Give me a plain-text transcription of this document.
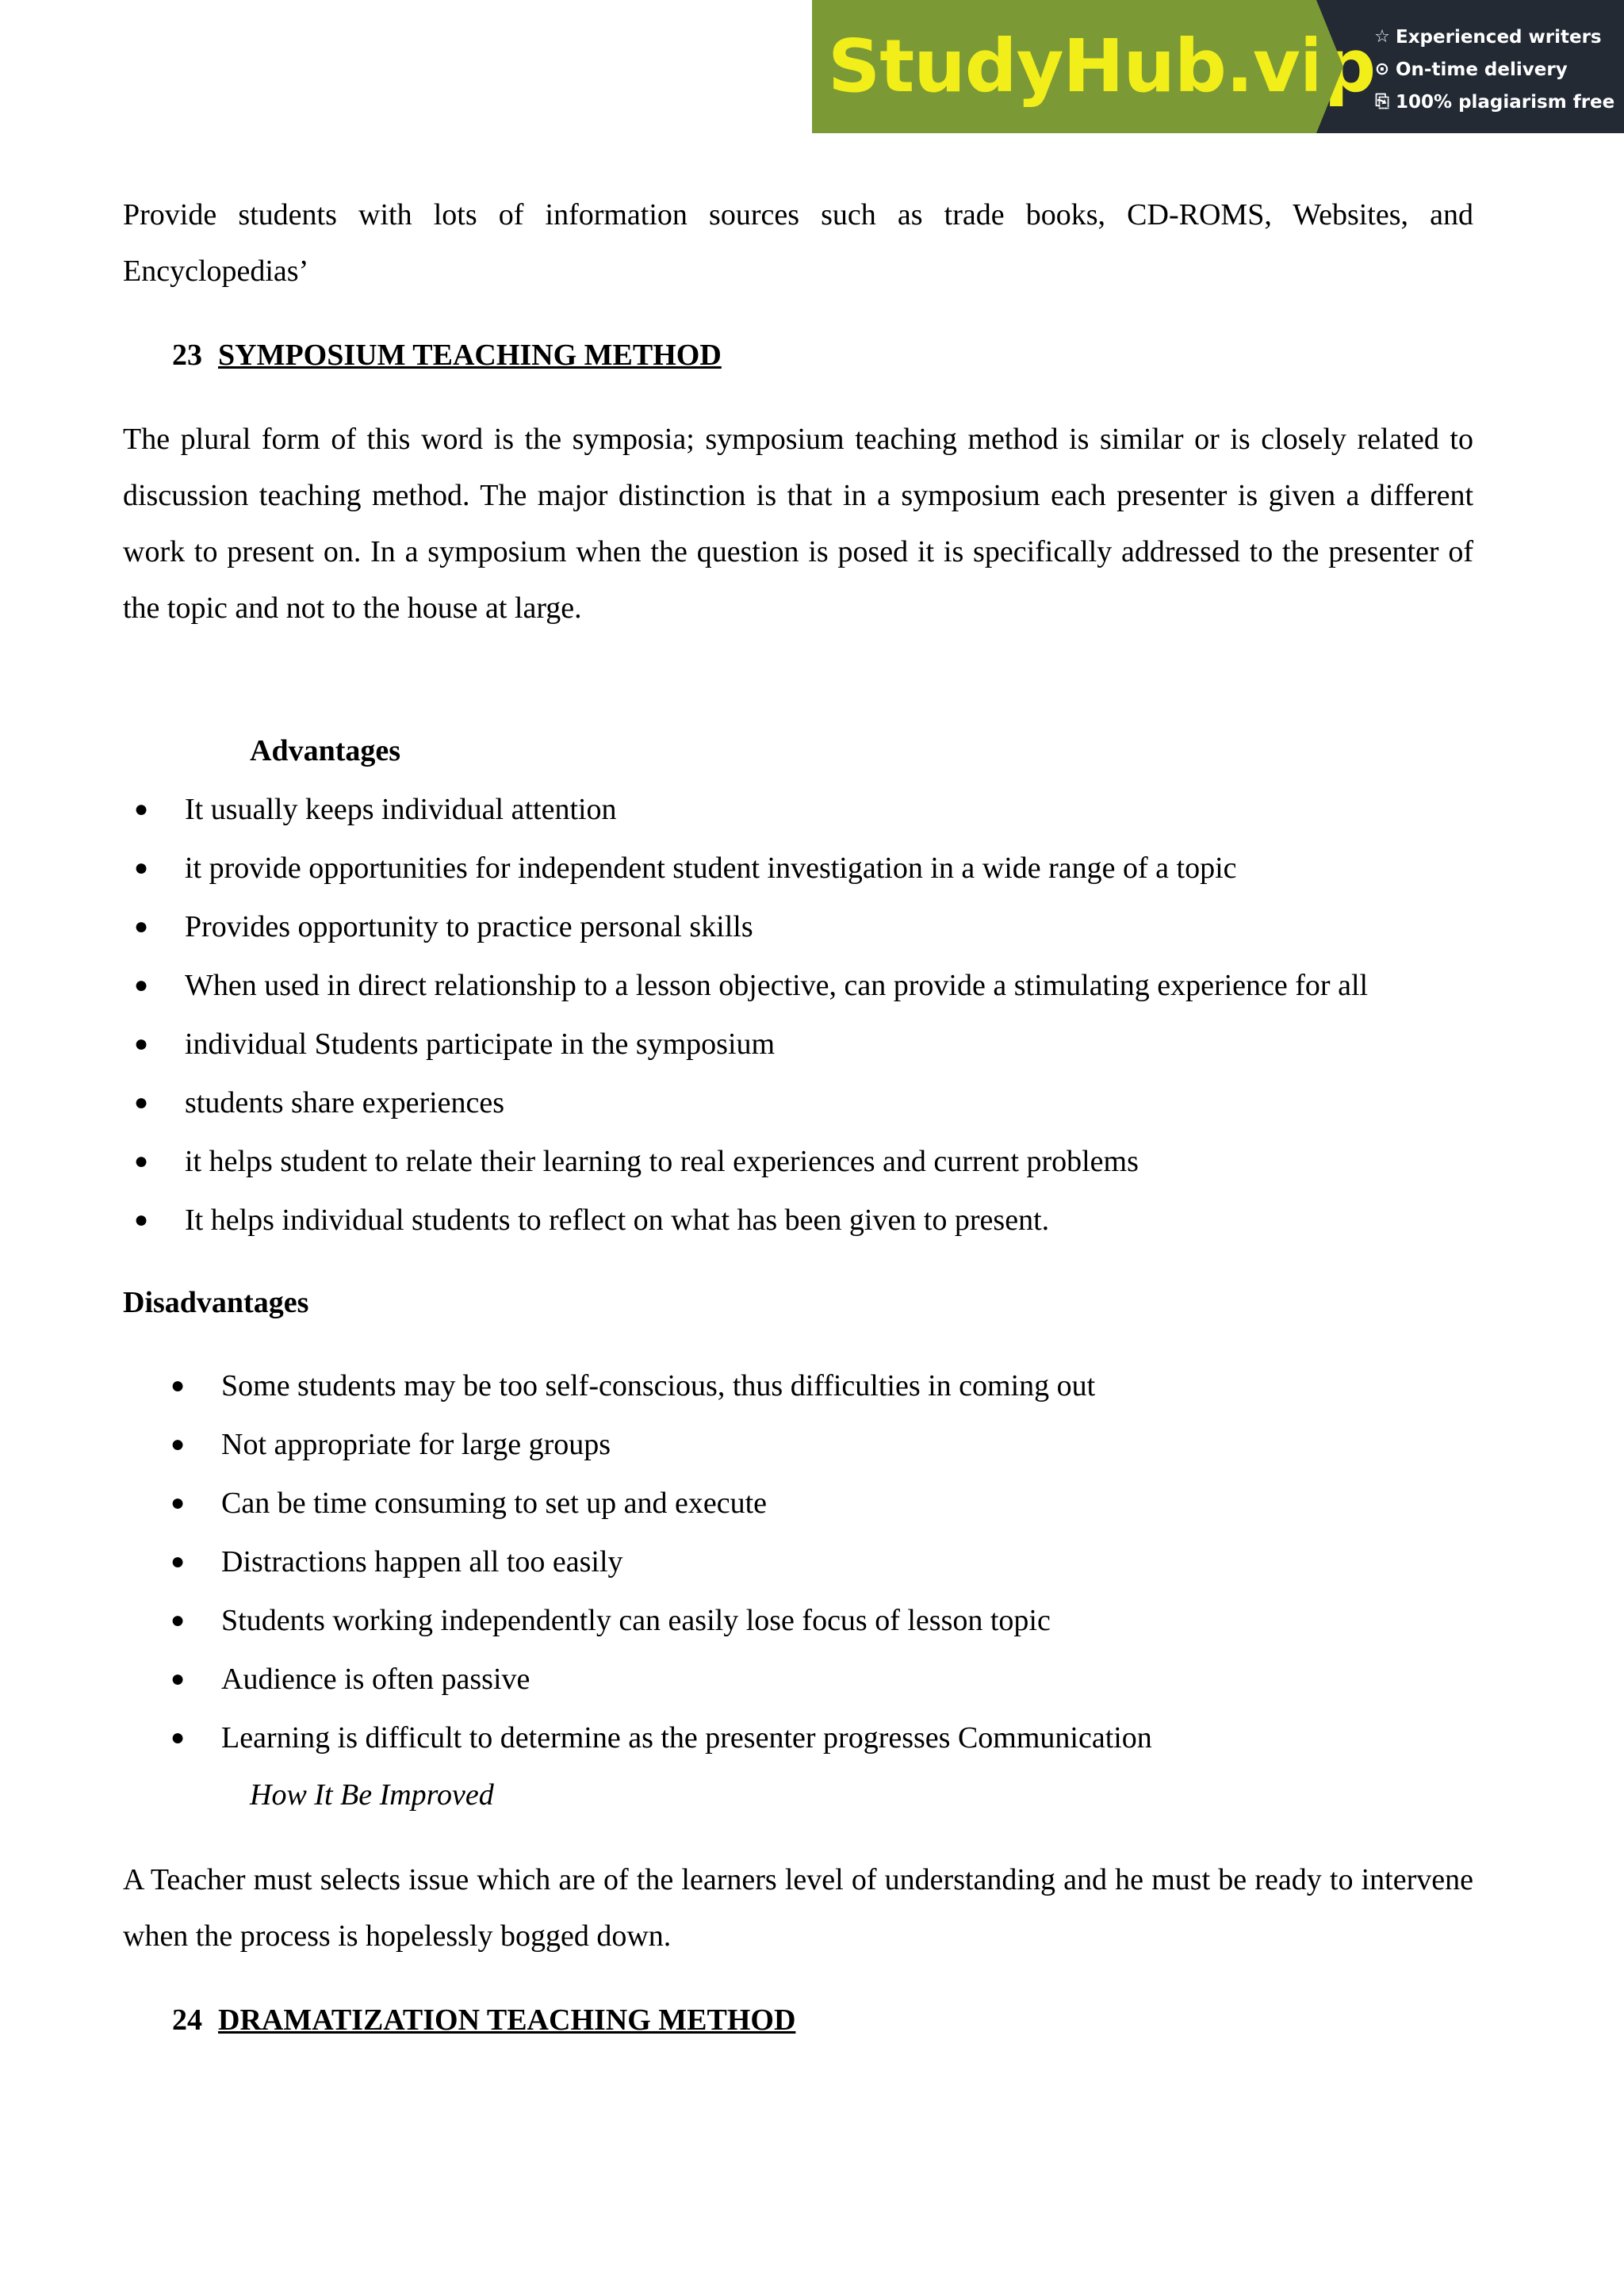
StudyHub.vip
☆ Experienced writers
⊙ On-time delivery
⎘ 100% plagiarism free

Provide students with lots of information sources such as trade books, CD-ROMS, Websites, and Encyclopedias’

23 SYMPOSIUM TEACHING METHOD

The plural form of this word is the symposia; symposium teaching method is similar or is closely related to discussion teaching method. The major distinction is that in a symposium each presenter is given a different work to present on. In a symposium when the question is posed it is specifically addressed to the presenter of the topic and not to the house at large.

Advantages

● It usually keeps individual attention
● it provide opportunities for independent student investigation in a wide range of a topic
● Provides opportunity to practice personal skills
● When used in direct relationship to a lesson objective, can provide a stimulating experience for all
● individual Students participate in the symposium
● students share experiences
● it helps student to relate their learning to real experiences and current problems
● It helps individual students to reflect on what has been given to present.

Disadvantages

● Some students may be too self-conscious, thus difficulties in coming out
● Not appropriate for large groups
● Can be time consuming to set up and execute
● Distractions happen all too easily
● Students working independently can easily lose focus of lesson topic
● Audience is often passive
● Learning is difficult to determine as the presenter progresses Communication

How It Be Improved

A Teacher must selects issue which are of the learners level of understanding and he must be ready to intervene when the process is hopelessly bogged down.

24 DRAMATIZATION TEACHING METHOD
